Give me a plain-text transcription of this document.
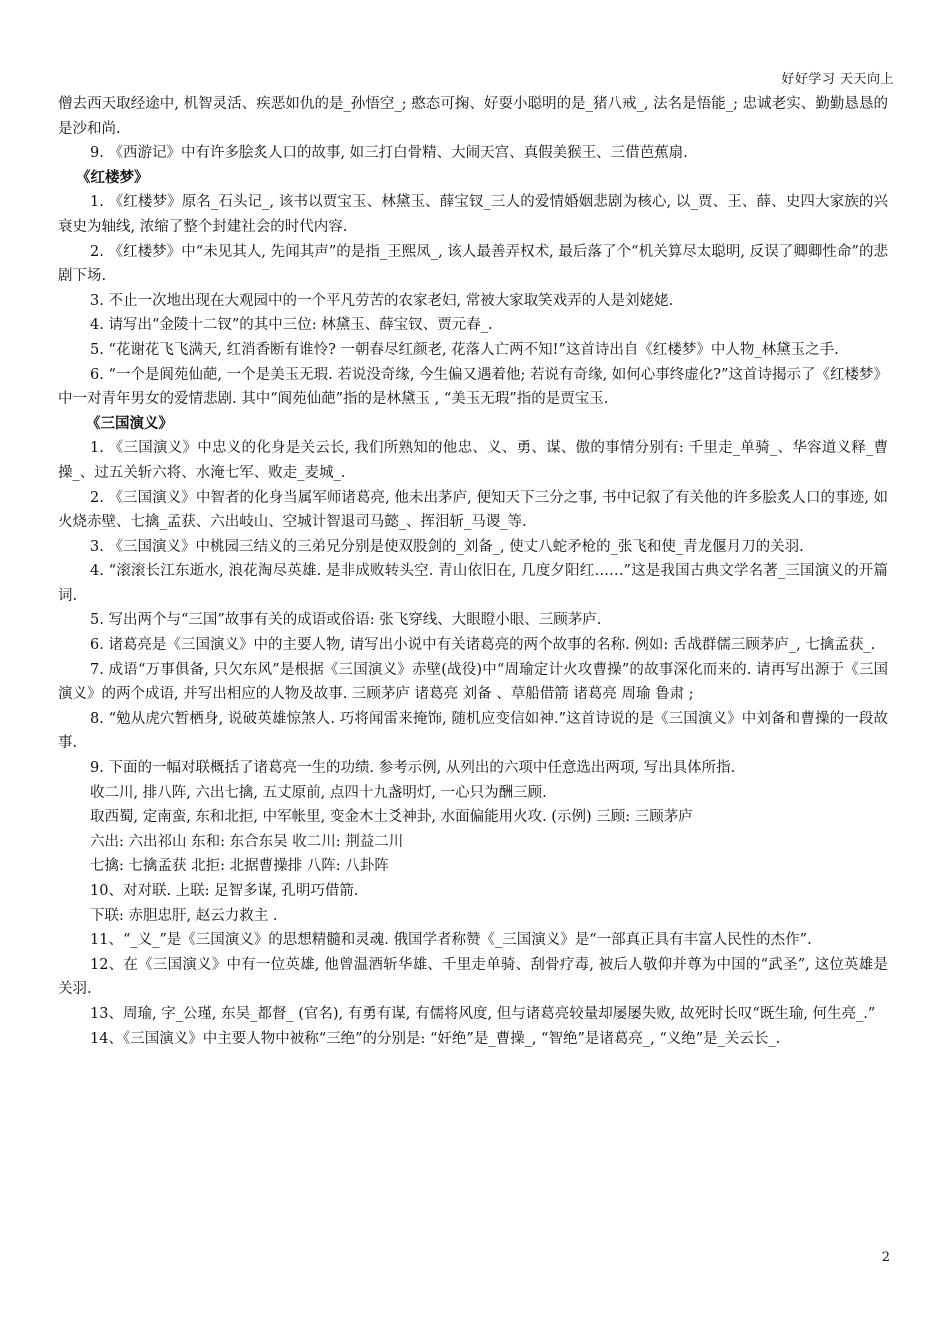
好好学习 天天向上

僧去西天取经途中, 机智灵活、疾恶如仇的是_孙悟空_; 憨态可掬、好耍小聪明的是_猪八戒_, 法名是悟能_; 忠诚老实、勤勤恳恳的是沙和尚.

9. 《西游记》中有许多脍炙人口的故事, 如三打白骨精、大闹天宫、真假美猴王、三借芭蕉扇.

《红楼梦》

1. 《红楼梦》原名_石头记_, 该书以贾宝玉、林黛玉、薛宝钗_三人的爱情婚姻悲剧为核心, 以_贾、王、薛、史四大家族的兴衰史为轴线, 浓缩了整个封建社会的时代内容.

2. 《红楼梦》中“未见其人, 先闻其声”的是指_王熙凤_, 该人最善弄权术, 最后落了个“机关算尽太聪明, 反误了卿卿性命”的悲剧下场.

3. 不止一次地出现在大观园中的一个平凡劳苦的农家老妇, 常被大家取笑戏弄的人是刘姥姥.

4. 请写出“金陵十二钗”的其中三位: 林黛玉、薛宝钗、贾元春_.

5. “花谢花飞飞满天, 红消香断有谁怜? 一朝春尽红颜老, 花落人亡两不知!”这首诗出自《红楼梦》中人物_林黛玉之手.

6. “一个是阆苑仙葩, 一个是美玉无瑕. 若说没奇缘, 今生偏又遇着他; 若说有奇缘, 如何心事终虚化?”这首诗揭示了《红楼梦》中一对青年男女的爱情悲剧. 其中“阆苑仙葩”指的是林黛玉 , “美玉无瑕”指的是贾宝玉.

《三国演义》

1. 《三国演义》中忠义的化身是关云长, 我们所熟知的他忠、义、勇、谋、傲的事情分别有: 千里走_单骑_、华容道义释_曹操_、过五关斩六将、水淹七军、败走_麦城_.

2. 《三国演义》中智者的化身当属军师诸葛亮, 他未出茅庐, 便知天下三分之事, 书中记叙了有关他的许多脍炙人口的事迹, 如火烧赤壁、七擒_孟获、六出岐山、空城计智退司马懿_、挥泪斩_马谡_等.

3. 《三国演义》中桃园三结义的三弟兄分别是使双股剑的_刘备_, 使丈八蛇矛枪的_张飞和使_青龙偃月刀的关羽.

4. “滚滚长江东逝水, 浪花淘尽英雄. 是非成败转头空. 青山依旧在, 几度夕阳红……”这是我国古典文学名著_三国演义的开篇词.

5. 写出两个与“三国”故事有关的成语或俗语: 张飞穿线、大眼瞪小眼、三顾茅庐.

6. 诸葛亮是《三国演义》中的主要人物, 请写出小说中有关诸葛亮的两个故事的名称. 例如: 舌战群儒三顾茅庐_, 七擒孟获_.

7. 成语“万事俱备, 只欠东风”是根据《三国演义》赤壁(战役)中“周瑜定计火攻曹操”的故事深化而来的. 请再写出源于《三国演义》的两个成语, 并写出相应的人物及故事. 三顾茅庐 诸葛亮 刘备 、草船借箭 诸葛亮 周瑜 鲁肃 ;

8. “勉从虎穴暂栖身, 说破英雄惊煞人. 巧将闻雷来掩饰, 随机应变信如神.”这首诗说的是《三国演义》中刘备和曹操的一段故事.

9. 下面的一幅对联概括了诸葛亮一生的功绩. 参考示例, 从列出的六项中任意选出两项, 写出具体所指.

收二川, 排八阵, 六出七擒, 五丈原前, 点四十九盏明灯, 一心只为酬三顾.

取西蜀, 定南蛮, 东和北拒, 中军帐里, 变金木土爻神卦, 水面偏能用火攻. (示例) 三顾: 三顾茅庐

六出: 六出祁山 东和: 东合东吴 收二川: 荆益二川

七擒: 七擒孟获 北拒: 北据曹操排 八阵: 八卦阵

10、对对联. 上联: 足智多谋, 孔明巧借箭.

下联: 赤胆忠肝, 赵云力救主 .

11、“_义_”是《三国演义》的思想精髓和灵魂. 俄国学者称赞《_三国演义》是“一部真正具有丰富人民性的杰作”.

12、在《三国演义》中有一位英雄, 他曾温酒斩华雄、千里走单骑、刮骨疗毒, 被后人敬仰并尊为中国的“武圣”, 这位英雄是关羽.

13、周瑜, 字_公瑾, 东吴_都督_ (官名), 有勇有谋, 有儒将风度, 但与诸葛亮较量却屡屡失败, 故死时长叹“既生瑜, 何生亮_.”

14、《三国演义》中主要人物中被称“三绝”的分别是: “奸绝”是_曹操_, “智绝”是诸葛亮_, “义绝”是_关云长_.

2
